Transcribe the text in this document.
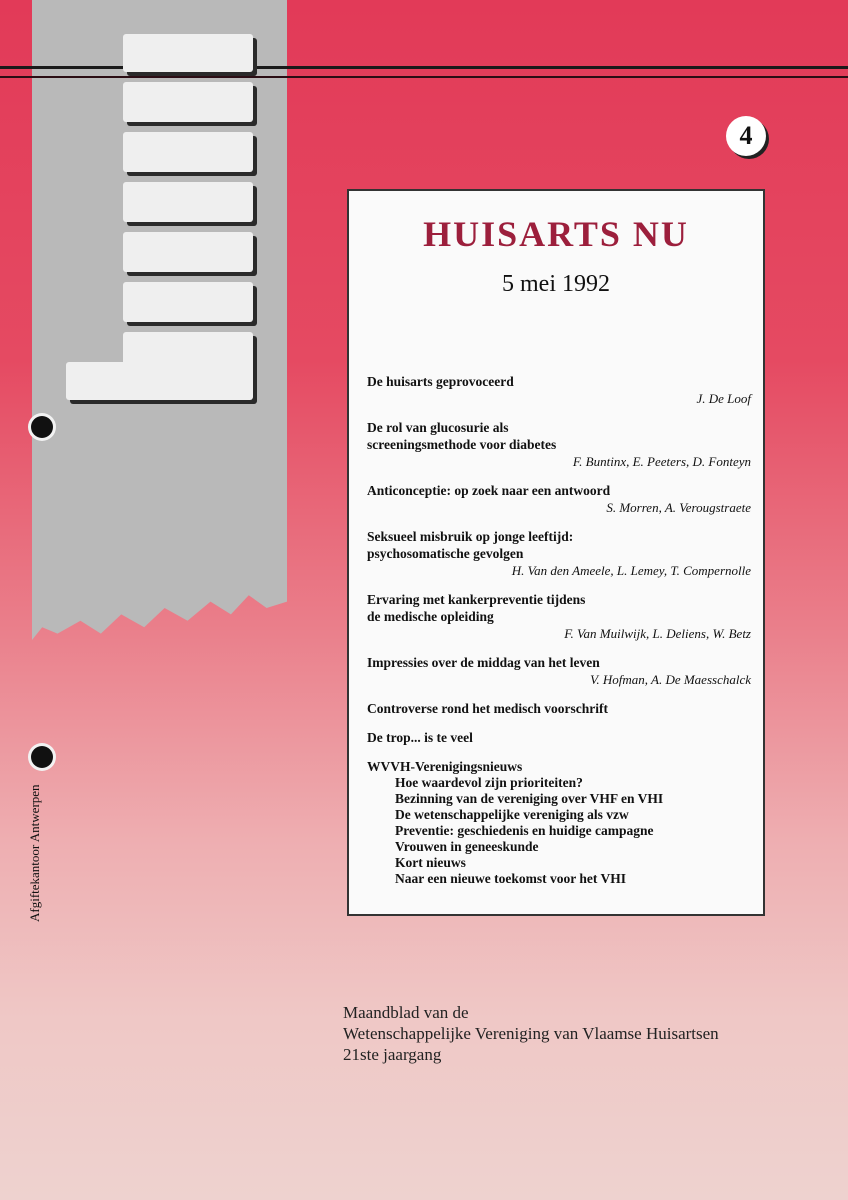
4
HUISARTS NU
5 mei 1992
De huisarts geprovoceerd
J. De Loof
De rol van glucosurie als
screeningsmethode voor diabetes
F. Buntinx, E. Peeters, D. Fonteyn
Anticonceptie: op zoek naar een antwoord
S. Morren, A. Verougstraete
Seksueel misbruik op jonge leeftijd:
psychosomatische gevolgen
H. Van den Ameele, L. Lemey, T. Compernolle
Ervaring met kankerpreventie tijdens
de medische opleiding
F. Van Muilwijk, L. Deliens, W. Betz
Impressies over de middag van het leven
V. Hofman, A. De Maesschalck
Controverse rond het medisch voorschrift
De trop... is te veel
WVVH-Verenigingsnieuws
Hoe waardevol zijn prioriteiten?
Bezinning van de vereniging over VHF en VHI
De wetenschappelijke vereniging als vzw
Preventie: geschiedenis en huidige campagne
Vrouwen in geneeskunde
Kort nieuws
Naar een nieuwe toekomst voor het VHI
Afgiftekantoor Antwerpen
Maandblad van de
Wetenschappelijke Vereniging van Vlaamse Huisartsen
21ste jaargang
